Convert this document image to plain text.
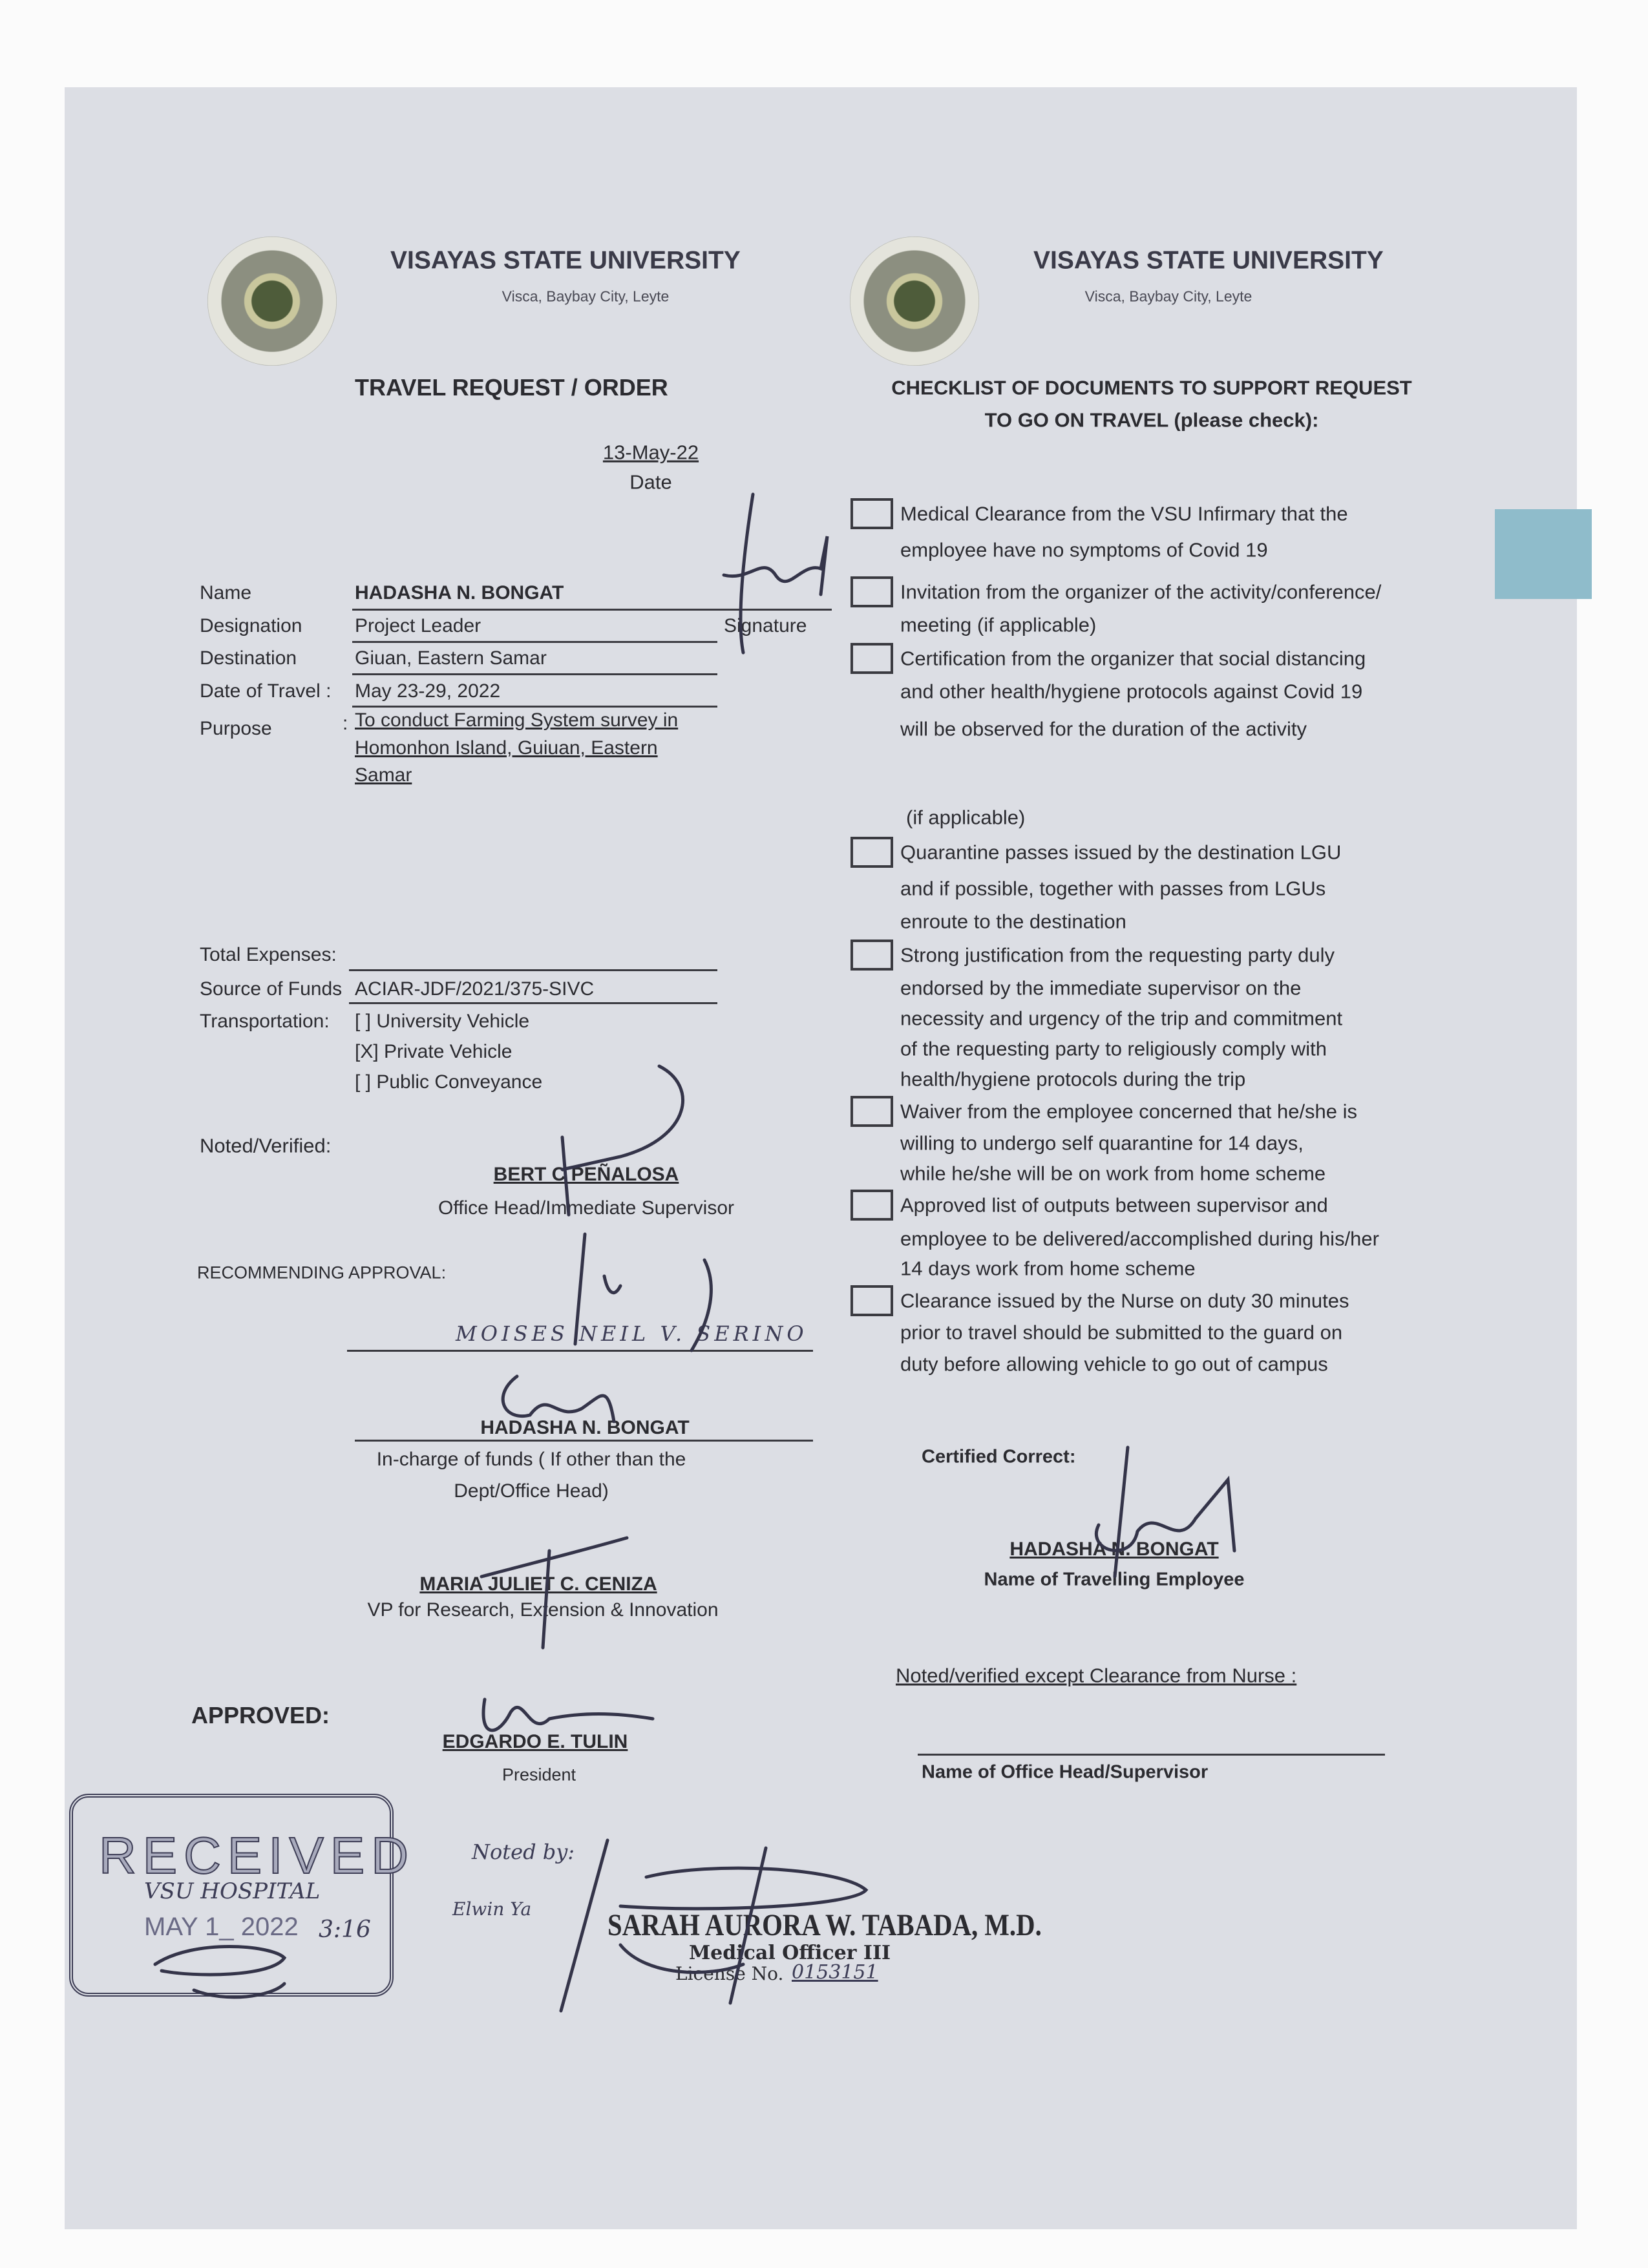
VISAYAS STATE UNIVERSITY
Visca, Baybay City, Leyte
TRAVEL REQUEST / ORDER
VISAYAS STATE UNIVERSITY
Visca, Baybay City, Leyte
CHECKLIST OF DOCUMENTS TO SUPPORT REQUEST
TO GO ON TRAVEL (please check):
13-May-22
Date
Name	HADASHA N. BONGAT
Signature
Designation	Project Leader
Destination	Giuan, Eastern Samar
Date of Travel : May 23-29, 2022
Purpose	: To conduct Farming System survey in
Homonhon Island, Guiuan, Eastern
Samar
Total Expenses:
Source of Funds ACIAR-JDF/2021/375-SIVC
Transportation: [ ] University Vehicle
[X] Private Vehicle
[ ] Public Conveyance
Noted/Verified:
BERT C PEÑALOSA
Office Head/Immediate Supervisor
RECOMMENDING APPROVAL:
MOISES NEIL V. SERINO
HADASHA N. BONGAT
In-charge of funds ( If other than the
Dept/Office Head)
MARIA JULIET C. CENIZA
VP for Research, Extension & Innovation
APPROVED:
EDGARDO E. TULIN
President
RECEIVED
VSU HOSPITAL
MAY 1_ 2022 3:16
Noted by:
Elwin Ya SARAH AURORA W. TABADA, M.D.
Medical Officer III
License No. 0153151
Medical Clearance from the VSU Infirmary that the
employee have no symptoms of Covid 19
Invitation from the organizer of the activity/conference/
meeting (if applicable)
Certification from the organizer that social distancing
and other health/hygiene protocols against Covid 19
will be observed for the duration of the activity
Quarantine passes issued by the destination LGU
and if possible, together with passes from LGUs
enroute to the destination
Strong justification from the requesting party duly
endorsed by the immediate supervisor on the
necessity and urgency of the trip and commitment
of the requesting party to religiously comply with
health/hygiene protocols during the trip
Waiver from the employee concerned that he/she is
willing to undergo self quarantine for 14 days,
while he/she will be on work from home scheme
Approved list of outputs between supervisor and
employee to be delivered/accomplished during his/her
14 days work from home scheme
Clearance issued by the Nurse on duty 30 minutes
prior to travel should be submitted to the guard on
duty before allowing vehicle to go out of campus
(if applicable)
Certified Correct:
HADASHA N. BONGAT
Name of Travelling Employee
Noted/verified except Clearance from Nurse :
Name of Office Head/Supervisor
